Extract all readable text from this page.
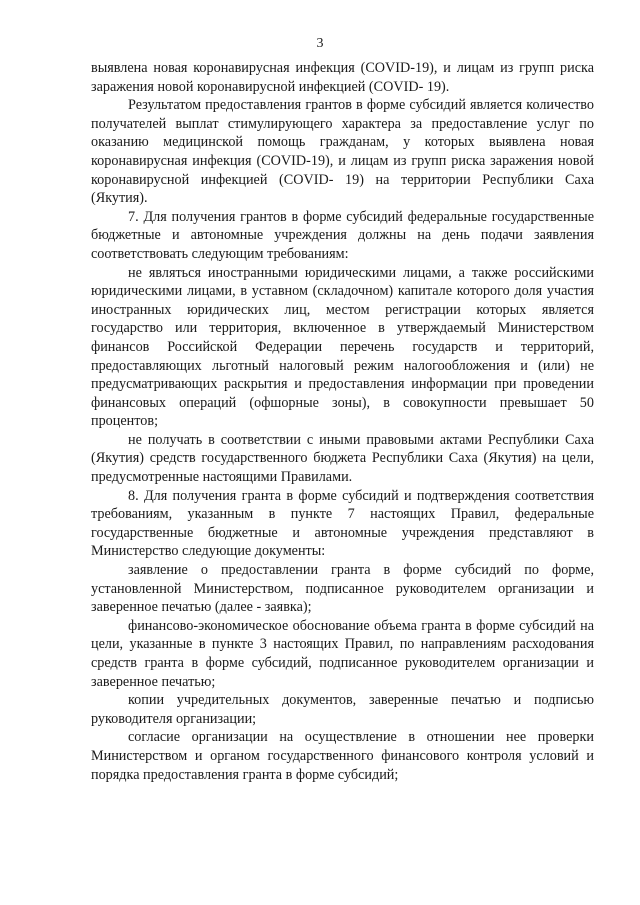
3

выявлена новая коронавирусная инфекция (COVID-19), и лицам из групп риска заражения новой коронавирусной инфекцией (COVID- 19).

Результатом предоставления грантов в форме субсидий является количество получателей выплат стимулирующего характера за предоставление услуг по оказанию медицинской помощь гражданам, у которых выявлена новая коронавирусная инфекция (COVID-19), и лицам из групп риска заражения новой коронавирусной инфекцией (COVID- 19) на территории Республики Саха (Якутия).

7. Для получения грантов в форме субсидий федеральные государственные бюджетные и автономные учреждения должны на день подачи заявления соответствовать следующим требованиям:

не являться иностранными юридическими лицами, а также российскими юридическими лицами, в уставном (складочном) капитале которого доля участия иностранных юридических лиц, местом регистрации которых является государство или территория, включенное в утверждаемый Министерством финансов Российской Федерации перечень государств и территорий, предоставляющих льготный налоговый режим налогообложения и (или) не предусматривающих раскрытия и предоставления информации при проведении финансовых операций (офшорные зоны), в совокупности превышает 50 процентов;

не получать в соответствии с иными правовыми актами Республики Саха (Якутия) средств государственного бюджета Республики Саха (Якутия) на цели, предусмотренные настоящими Правилами.

8. Для получения гранта в форме субсидий и подтверждения соответствия требованиям, указанным в пункте 7 настоящих Правил, федеральные государственные бюджетные и автономные учреждения представляют в Министерство следующие документы:

заявление о предоставлении гранта в форме субсидий по форме, установленной Министерством, подписанное руководителем организации и заверенное печатью (далее - заявка);

финансово-экономическое обоснование объема гранта в форме субсидий на цели, указанные в пункте 3 настоящих Правил, по направлениям расходования средств гранта в форме субсидий, подписанное руководителем организации и заверенное печатью;

копии учредительных документов, заверенные печатью и подписью руководителя организации;

согласие организации на осуществление в отношении нее проверки Министерством и органом государственного финансового контроля условий и порядка предоставления гранта в форме субсидий;
